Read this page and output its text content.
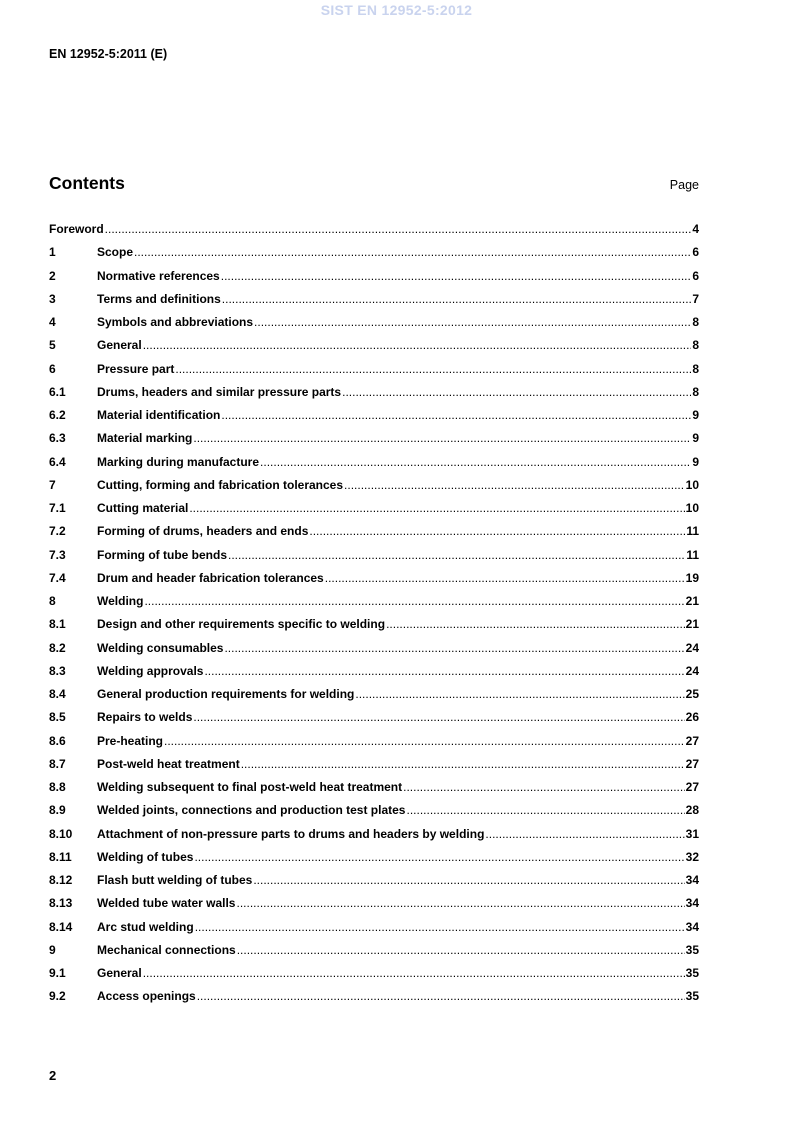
SIST EN 12952-5:2012
EN 12952-5:2011 (E)
Contents	Page
Foreword .....	4
1	Scope .....	6
2	Normative references .....	6
3	Terms and definitions .....	7
4	Symbols and abbreviations .....	8
5	General .....	8
6	Pressure part .....	8
6.1	Drums, headers and similar pressure parts .....	8
6.2	Material identification .....	9
6.3	Material marking .....	9
6.4	Marking during manufacture .....	9
7	Cutting, forming and fabrication tolerances .....	10
7.1	Cutting material .....	10
7.2	Forming of drums, headers and ends .....	11
7.3	Forming of tube bends .....	11
7.4	Drum and header fabrication tolerances .....	19
8	Welding .....	21
8.1	Design and other requirements specific to welding .....	21
8.2	Welding consumables .....	24
8.3	Welding approvals .....	24
8.4	General production requirements for welding .....	25
8.5	Repairs to welds .....	26
8.6	Pre-heating .....	27
8.7	Post-weld heat treatment .....	27
8.8	Welding subsequent to final post-weld heat treatment .....	27
8.9	Welded joints, connections and production test plates .....	28
8.10	Attachment of non-pressure parts to drums and headers by welding .....	31
8.11	Welding of tubes .....	32
8.12	Flash butt welding of tubes .....	34
8.13	Welded tube water walls .....	34
8.14	Arc stud welding .....	34
9	Mechanical connections .....	35
9.1	General .....	35
9.2	Access openings .....	35
2
